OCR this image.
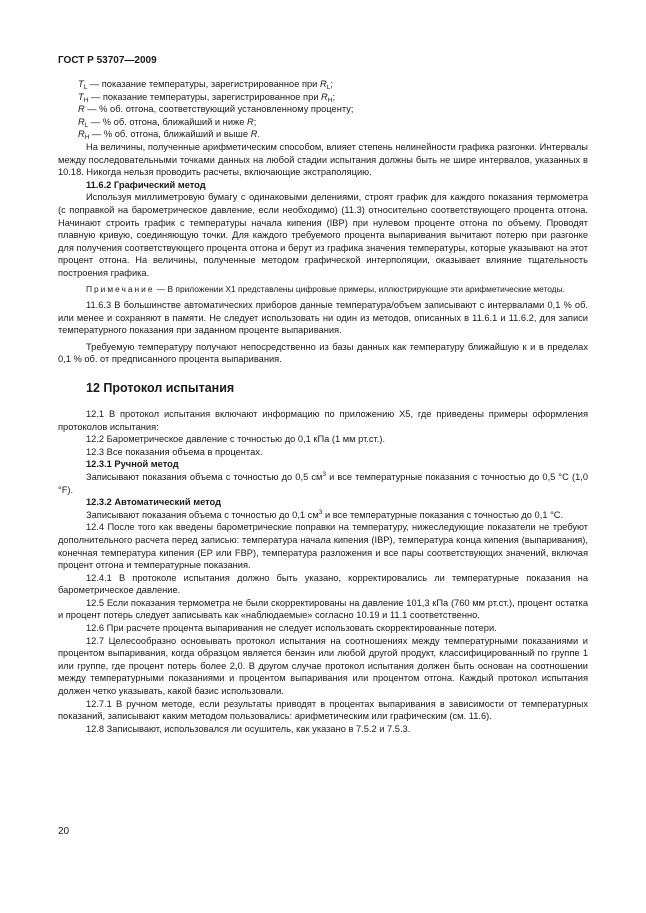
ГОСТ Р 53707—2009

$T_L$ — показание температуры, зарегистрированное при $R_L$;

$T_H$ — показание температуры, зарегистрированное при $R_H$;

R — % об. отгона, соответствующий установленному проценту;

$R_L$ — % об. отгона, ближайший и ниже R;

$R_H$ — % об. отгона, ближайший и выше R.

На величины, полученные арифметическим способом, влияет степень нелинейности графика разгонки. Интервалы между последовательными точками данных на любой стадии испытания должны быть не шире интервалов, указанных в 10.18. Никогда нельзя проводить расчеты, включающие экстраполяцию.

11.6.2 Графический метод

Используя миллиметровую бумагу с одинаковыми делениями, строят график для каждого показания термометра (с поправкой на барометрическое давление, если необходимо) (11.3) относительно соответствующего процента отгона. Начинают строить график с температуры начала кипения (IBP) при нулевом проценте отгона по объему. Проводят плавную кривую, соединяющую точки. Для каждого требуемого процента выпаривания вычитают потерю при разгонке для получения соответствующего процента отгона и берут из графика значения температуры, которые указывают на этот процент отгона. На величины, полученные методом графической интерполяции, оказывает влияние тщательность построения графика.

Примечание — В приложении X1 представлены цифровые примеры, иллюстрирующие эти арифметические методы.

11.6.3 В большинстве автоматических приборов данные температура/объем записывают с интервалами 0,1 % об. или менее и сохраняют в памяти. Не следует использовать ни один из методов, описанных в 11.6.1 и 11.6.2, для записи температурного показания при заданном проценте выпаривания.

Требуемую температуру получают непосредственно из базы данных как температуру ближайшую к и в пределах 0,1 % об. от предписанного процента выпаривания.

12 Протокол испытания

12.1 В протокол испытания включают информацию по приложению X5, где приведены примеры оформления протоколов испытания:

12.2 Барометрическое давление с точностью до 0,1 кПа (1 мм рт.ст.).

12.3 Все показания объема в процентах.

12.3.1 Ручной метод

Записывают показания объема с точностью до 0,5 $см^3$ и все температурные показания с точностью до 0,5 °С (1,0 °F).

12.3.2 Автоматический метод

Записывают показания объема с точностью до 0,1 $см^3$ и все температурные показания с точностью до 0,1 °С.

12.4 После того как введены барометрические поправки на температуру, нижеследующие показатели не требуют дополнительного расчета перед записью: температура начала кипения (IBP), температура конца кипения (выпаривания), конечная температура кипения (EP или FBP), температура разложения и все пары соответствующих значений, включая процент отгона и температурные показания.

12.4.1 В протоколе испытания должно быть указано, корректировались ли температурные показания на барометрическое давление.

12.5 Если показания термометра не были скорректированы на давление 101,3 кПа (760 мм рт.ст.), процент остатка и процент потерь следует записывать как «наблюдаемые» согласно 10.19 и 11.1 соответственно.

12.6 При расчете процента выпаривания не следует использовать скорректированные потери.

12.7 Целесообразно основывать протокол испытания на соотношениях между температурными показаниями и процентом выпаривания, когда образцом является бензин или любой другой продукт, классифицированный по группе 1 или группе, где процент потерь более 2,0. В другом случае протокол испытания должен быть основан на соотношении между температурными показаниями и процентом выпаривания или процентом отгона. Каждый протокол испытания должен четко указывать, какой базис использовали.

12.7.1 В ручном методе, если результаты приводят в процентах выпаривания в зависимости от температурных показаний, записывают каким методом пользовались: арифметическим или графическим (см. 11.6).

12.8 Записывают, использовался ли осушитель, как указано в 7.5.2 и 7.5.3.

20
